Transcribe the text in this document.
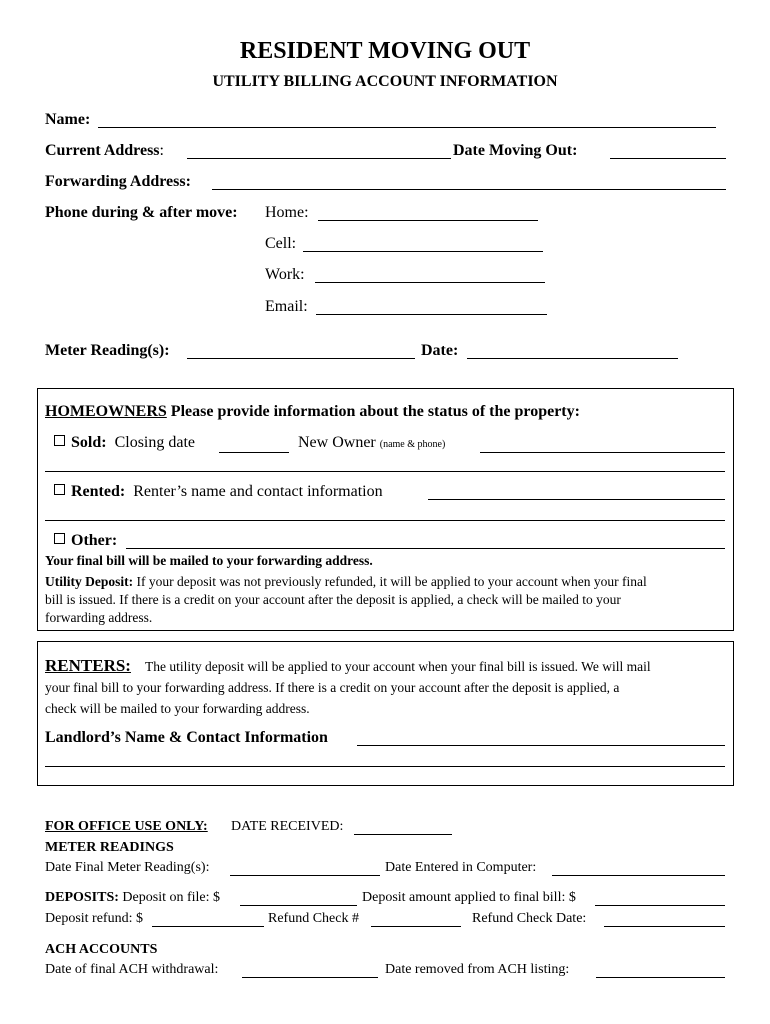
RESIDENT MOVING OUT
UTILITY BILLING ACCOUNT INFORMATION
Name:
Current Address:	Date Moving Out:
Forwarding Address:
Phone during & after move: Home:
Cell:
Work:
Email:
Meter Reading(s):	Date:
HOMEOWNERS Please provide information about the status of the property:
Sold: Closing date	New Owner (name & phone)
Rented: Renter’s name and contact information
Other:
Your final bill will be mailed to your forwarding address.
Utility Deposit: If your deposit was not previously refunded, it will be applied to your account when your final
bill is issued. If there is a credit on your account after the deposit is applied, a check will be mailed to your
forwarding address.
RENTERS: The utility deposit will be applied to your account when your final bill is issued. We will mail
your final bill to your forwarding address. If there is a credit on your account after the deposit is applied, a
check will be mailed to your forwarding address.
Landlord’s Name & Contact Information
FOR OFFICE USE ONLY: DATE RECEIVED:
METER READINGS
Date Final Meter Reading(s):	Date Entered in Computer:
DEPOSITS: Deposit on file: $	Deposit amount applied to final bill: $
Deposit refund: $	Refund Check #	Refund Check Date:
ACH ACCOUNTS
Date of final ACH withdrawal:	Date removed from ACH listing:
